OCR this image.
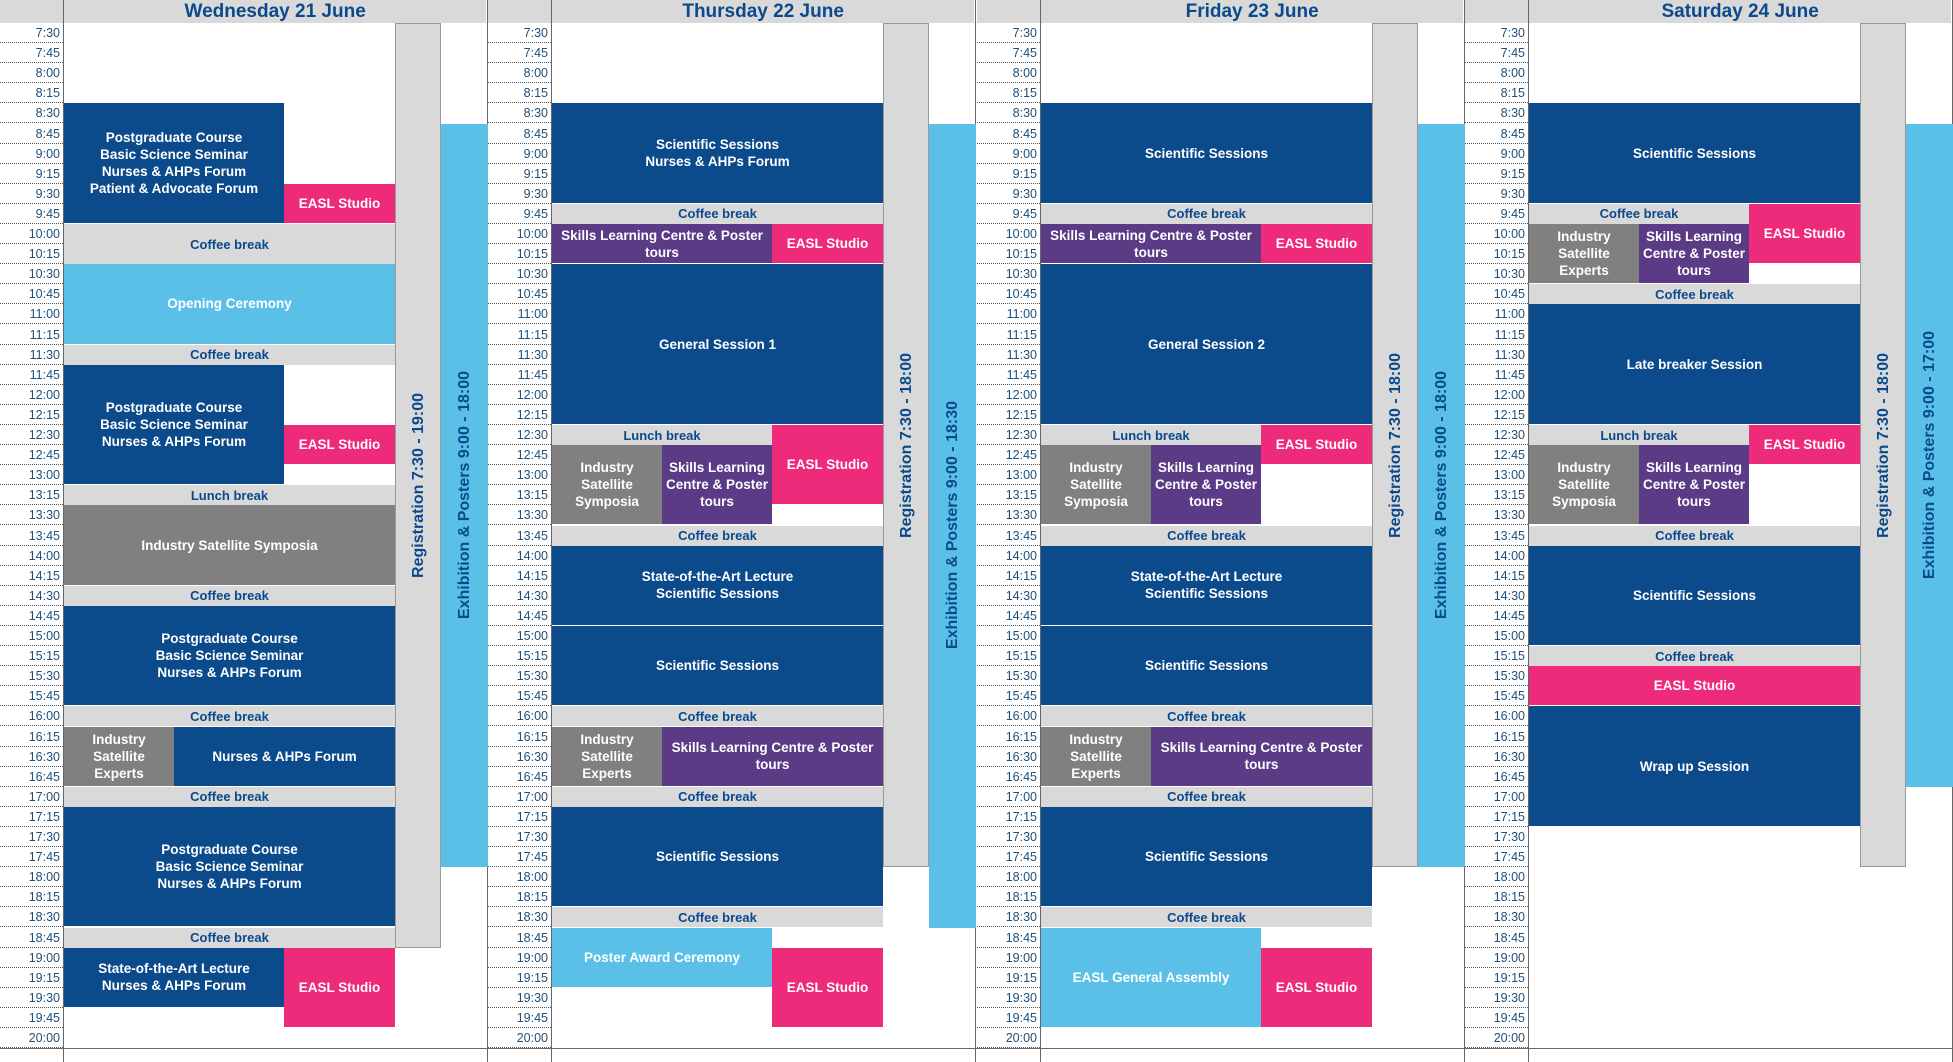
Wednesday 21 June
7:30
7:45
8:00
8:15
8:30
8:45
9:00
9:15
9:30
9:45
10:00
10:15
10:30
10:45
11:00
11:15
11:30
11:45
12:00
12:15
12:30
12:45
13:00
13:15
13:30
13:45
14:00
14:15
14:30
14:45
15:00
15:15
15:30
15:45
16:00
16:15
16:30
16:45
17:00
17:15
17:30
17:45
18:00
18:15
18:30
18:45
19:00
19:15
19:30
19:45
20:00
Postgraduate Course
Basic Science Seminar
Nurses & AHPs Forum
Patient & Advocate Forum
EASL Studio
Coffee break
Opening Ceremony
Coffee break
Postgraduate Course
Basic Science Seminar
Nurses & AHPs Forum	EASL Studio
Lunch break
Industry Satellite Symposia
Coffee break
Postgraduate Course
Basic Science Seminar
Nurses & AHPs Forum
Coffee break
Industry
Satellite Experts
Nurses & AHPs Forum
Coffee break
Postgraduate Course
Basic Science Seminar
Nurses & AHPs Forum
Coffee break
State-of-the-Art Lecture
Nurses & AHPs Forum	EASL Studio
Registration 7:30 - 19:00 Exhibition & Posters 9:00 - 18:00
Thursday 22 June
7:30
7:45
8:00
8:15
8:30
8:45
9:00
9:15
9:30
9:45
10:00
10:15
10:30
10:45
11:00
11:15
11:30
11:45
12:00
12:15
12:30
12:45
13:00
13:15
13:30
13:45
14:00
14:15
14:30
14:45
15:00
15:15
15:30
15:45
16:00
16:15
16:30
16:45
17:00
17:15
17:30
17:45
18:00
18:15
18:30
18:45
19:00
19:15
19:30
19:45
20:00
Scientific Sessions
Nurses & AHPs Forum
Coffee break
Skills Learning Centre & Poster
tours
EASL Studio
General Session 1
Lunch break
EASL Studio
Industry
Satellite
Symposia
Skills Learning
Centre & Poster
tours
Coffee break
State-of-the-Art Lecture
Scientific Sessions
Scientific Sessions
Coffee break
Industry
Satellite Experts
Skills Learning Centre & Poster
tours
Coffee break
Scientific Sessions
Coffee break
Poster Award Ceremony
EASL Studio
Registration 7:30 - 18:00 Exhibition & Posters 9:00 - 18:30
Friday 23 June
7:30
7:45
8:00
8:15
8:30
8:45
9:00
9:15
9:30
9:45
10:00
10:15
10:30
10:45
11:00
11:15
11:30
11:45
12:00
12:15
12:30
12:45
13:00
13:15
13:30
13:45
14:00
14:15
14:30
14:45
15:00
15:15
15:30
15:45
16:00
16:15
16:30
16:45
17:00
17:15
17:30
17:45
18:00
18:15
18:30
18:45
19:00
19:15
19:30
19:45
20:00
Scientific Sessions
Coffee break
Skills Learning Centre & Poster
tours
EASL Studio
General Session 2
Lunch break
EASL Studio
Industry
Satellite
Symposia
Skills Learning
Centre & Poster
tours
Coffee break
State-of-the-Art Lecture
Scientific Sessions
Scientific Sessions
Coffee break
Industry
Satellite Experts
Skills Learning Centre & Poster
tours
Coffee break
Scientific Sessions
Coffee break
EASL General Assembly
EASL Studio
Registration 7:30 - 18:00 Exhibition & Posters 9:00 - 18:00
Saturday 24 June
7:30
7:45
8:00
8:15
8:30
8:45
9:00
9:15
9:30
9:45
10:00
10:15
10:30
10:45
11:00
11:15
11:30
11:45
12:00
12:15
12:30
12:45
13:00
13:15
13:30
13:45
14:00
14:15
14:30
14:45
15:00
15:15
15:30
15:45
16:00
16:15
16:30
16:45
17:00
17:15
17:30
17:45
18:00
18:15
18:30
18:45
19:00
19:15
19:30
19:45
20:00
Scientific Sessions
Coffee break
Industry
Satellite Experts
Skills Learning
Centre & Poster
tours
EASL Studio
Coffee break
Late breaker Session
Lunch break
EASL Studio
Industry
Satellite
Symposia
Skills Learning
Centre & Poster
tours
Coffee break
Scientific Sessions
Coffee break
EASL Studio
Wrap up Session
Registration 7:30 - 18:00 Exhibition & Posters 9:00 - 17:00
